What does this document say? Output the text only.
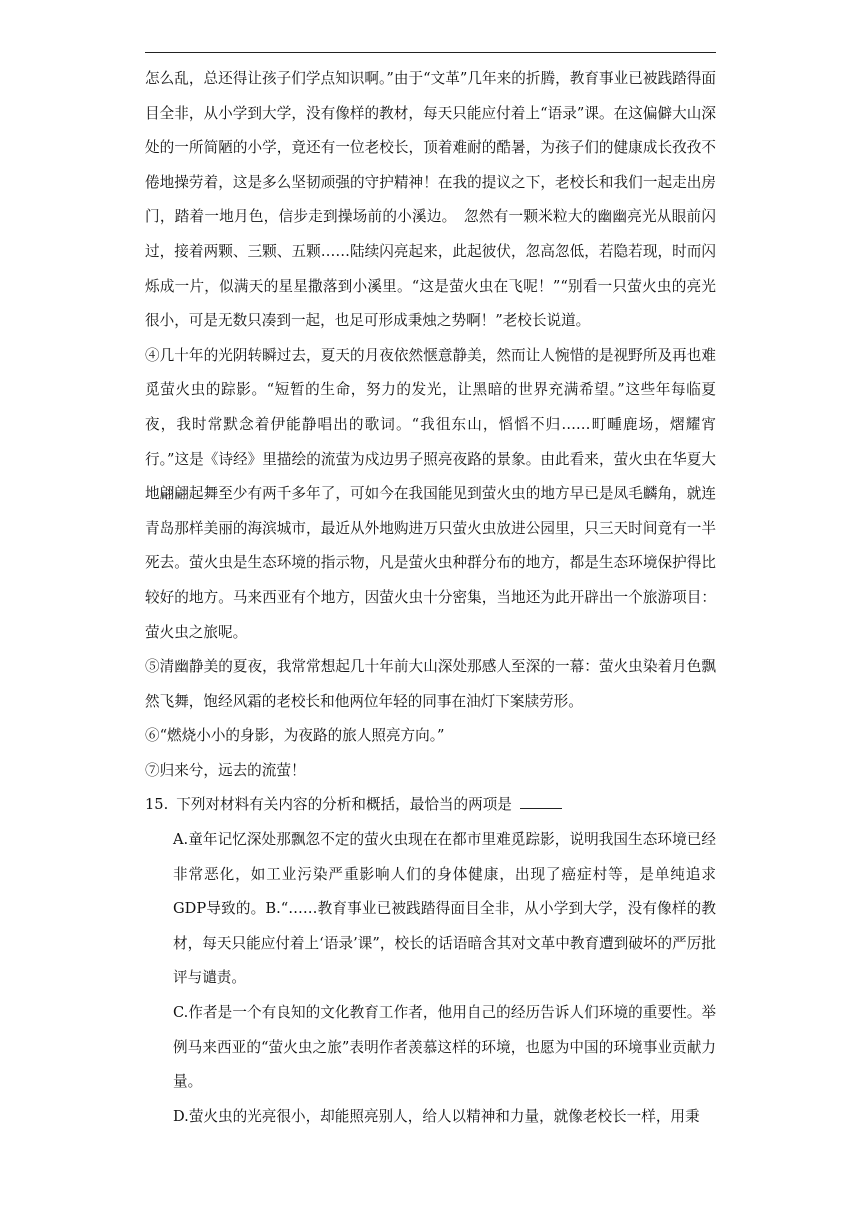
怎么乱，总还得让孩子们学点知识啊。”由于“文革”几年来的折腾，教育事业已被践踏得面目全非，从小学到大学，没有像样的教材，每天只能应付着上“语录”课。在这偏僻大山深处的一所简陋的小学，竟还有一位老校长，顶着难耐的酷暑，为孩子们的健康成长孜孜不倦地操劳着，这是多么坚韧顽强的守护精神！在我的提议之下，老校长和我们一起走出房门，踏着一地月色，信步走到操场前的小溪边。　忽然有一颗米粒大的幽幽亮光从眼前闪过，接着两颗、三颗、五颗……陆续闪亮起来，此起彼伏，忽高忽低，若隐若现，时而闪烁成一片，似满天的星星撒落到小溪里。“这是萤火虫在飞呢！”“别看一只萤火虫的亮光很小，可是无数只凑到一起，也足可形成秉烛之势啊！”老校长说道。

④几十年的光阴转瞬过去，夏天的月夜依然惬意静美，然而让人惋惜的是视野所及再也难觅萤火虫的踪影。“短暂的生命，努力的发光，让黑暗的世界充满希望。”这些年每临夏夜，我时常默念着伊能静唱出的歌词。“我徂东山，慆慆不归……町畽鹿场，熠耀宵行。”这是《诗经》里描绘的流萤为戍边男子照亮夜路的景象。由此看来，萤火虫在华夏大地翩翩起舞至少有两千多年了，可如今在我国能见到萤火虫的地方早已是凤毛麟角，就连青岛那样美丽的海滨城市，最近从外地购进万只萤火虫放进公园里，只三天时间竟有一半死去。萤火虫是生态环境的指示物，凡是萤火虫种群分布的地方，都是生态环境保护得比较好的地方。马来西亚有个地方，因萤火虫十分密集，当地还为此开辟出一个旅游项目：萤火虫之旅呢。

⑤清幽静美的夏夜，我常常想起几十年前大山深处那感人至深的一幕：萤火虫染着月色飘然飞舞，饱经风霜的老校长和他两位年轻的同事在油灯下案牍劳形。

⑥“燃烧小小的身影，为夜路的旅人照亮方向。”

⑦归来兮，远去的流萤！

15. 下列对材料有关内容的分析和概括，最恰当的两项是

A.童年记忆深处那飘忽不定的萤火虫现在在都市里难觅踪影，说明我国生态环境已经非常恶化，如工业污染严重影响人们的身体健康，出现了癌症村等，是单纯追求GDP导致的。B.“……教育事业已被践踏得面目全非，从小学到大学，没有像样的教材，每天只能应付着上‘语录’课”，校长的话语暗含其对文革中教育遭到破坏的严厉批评与谴责。

C.作者是一个有良知的文化教育工作者，他用自己的经历告诉人们环境的重要性。举例马来西亚的“萤火虫之旅”表明作者羡慕这样的环境，也愿为中国的环境事业贡献力量。

D.萤火虫的光亮很小，却能照亮别人，给人以精神和力量，就像老校长一样，用秉
